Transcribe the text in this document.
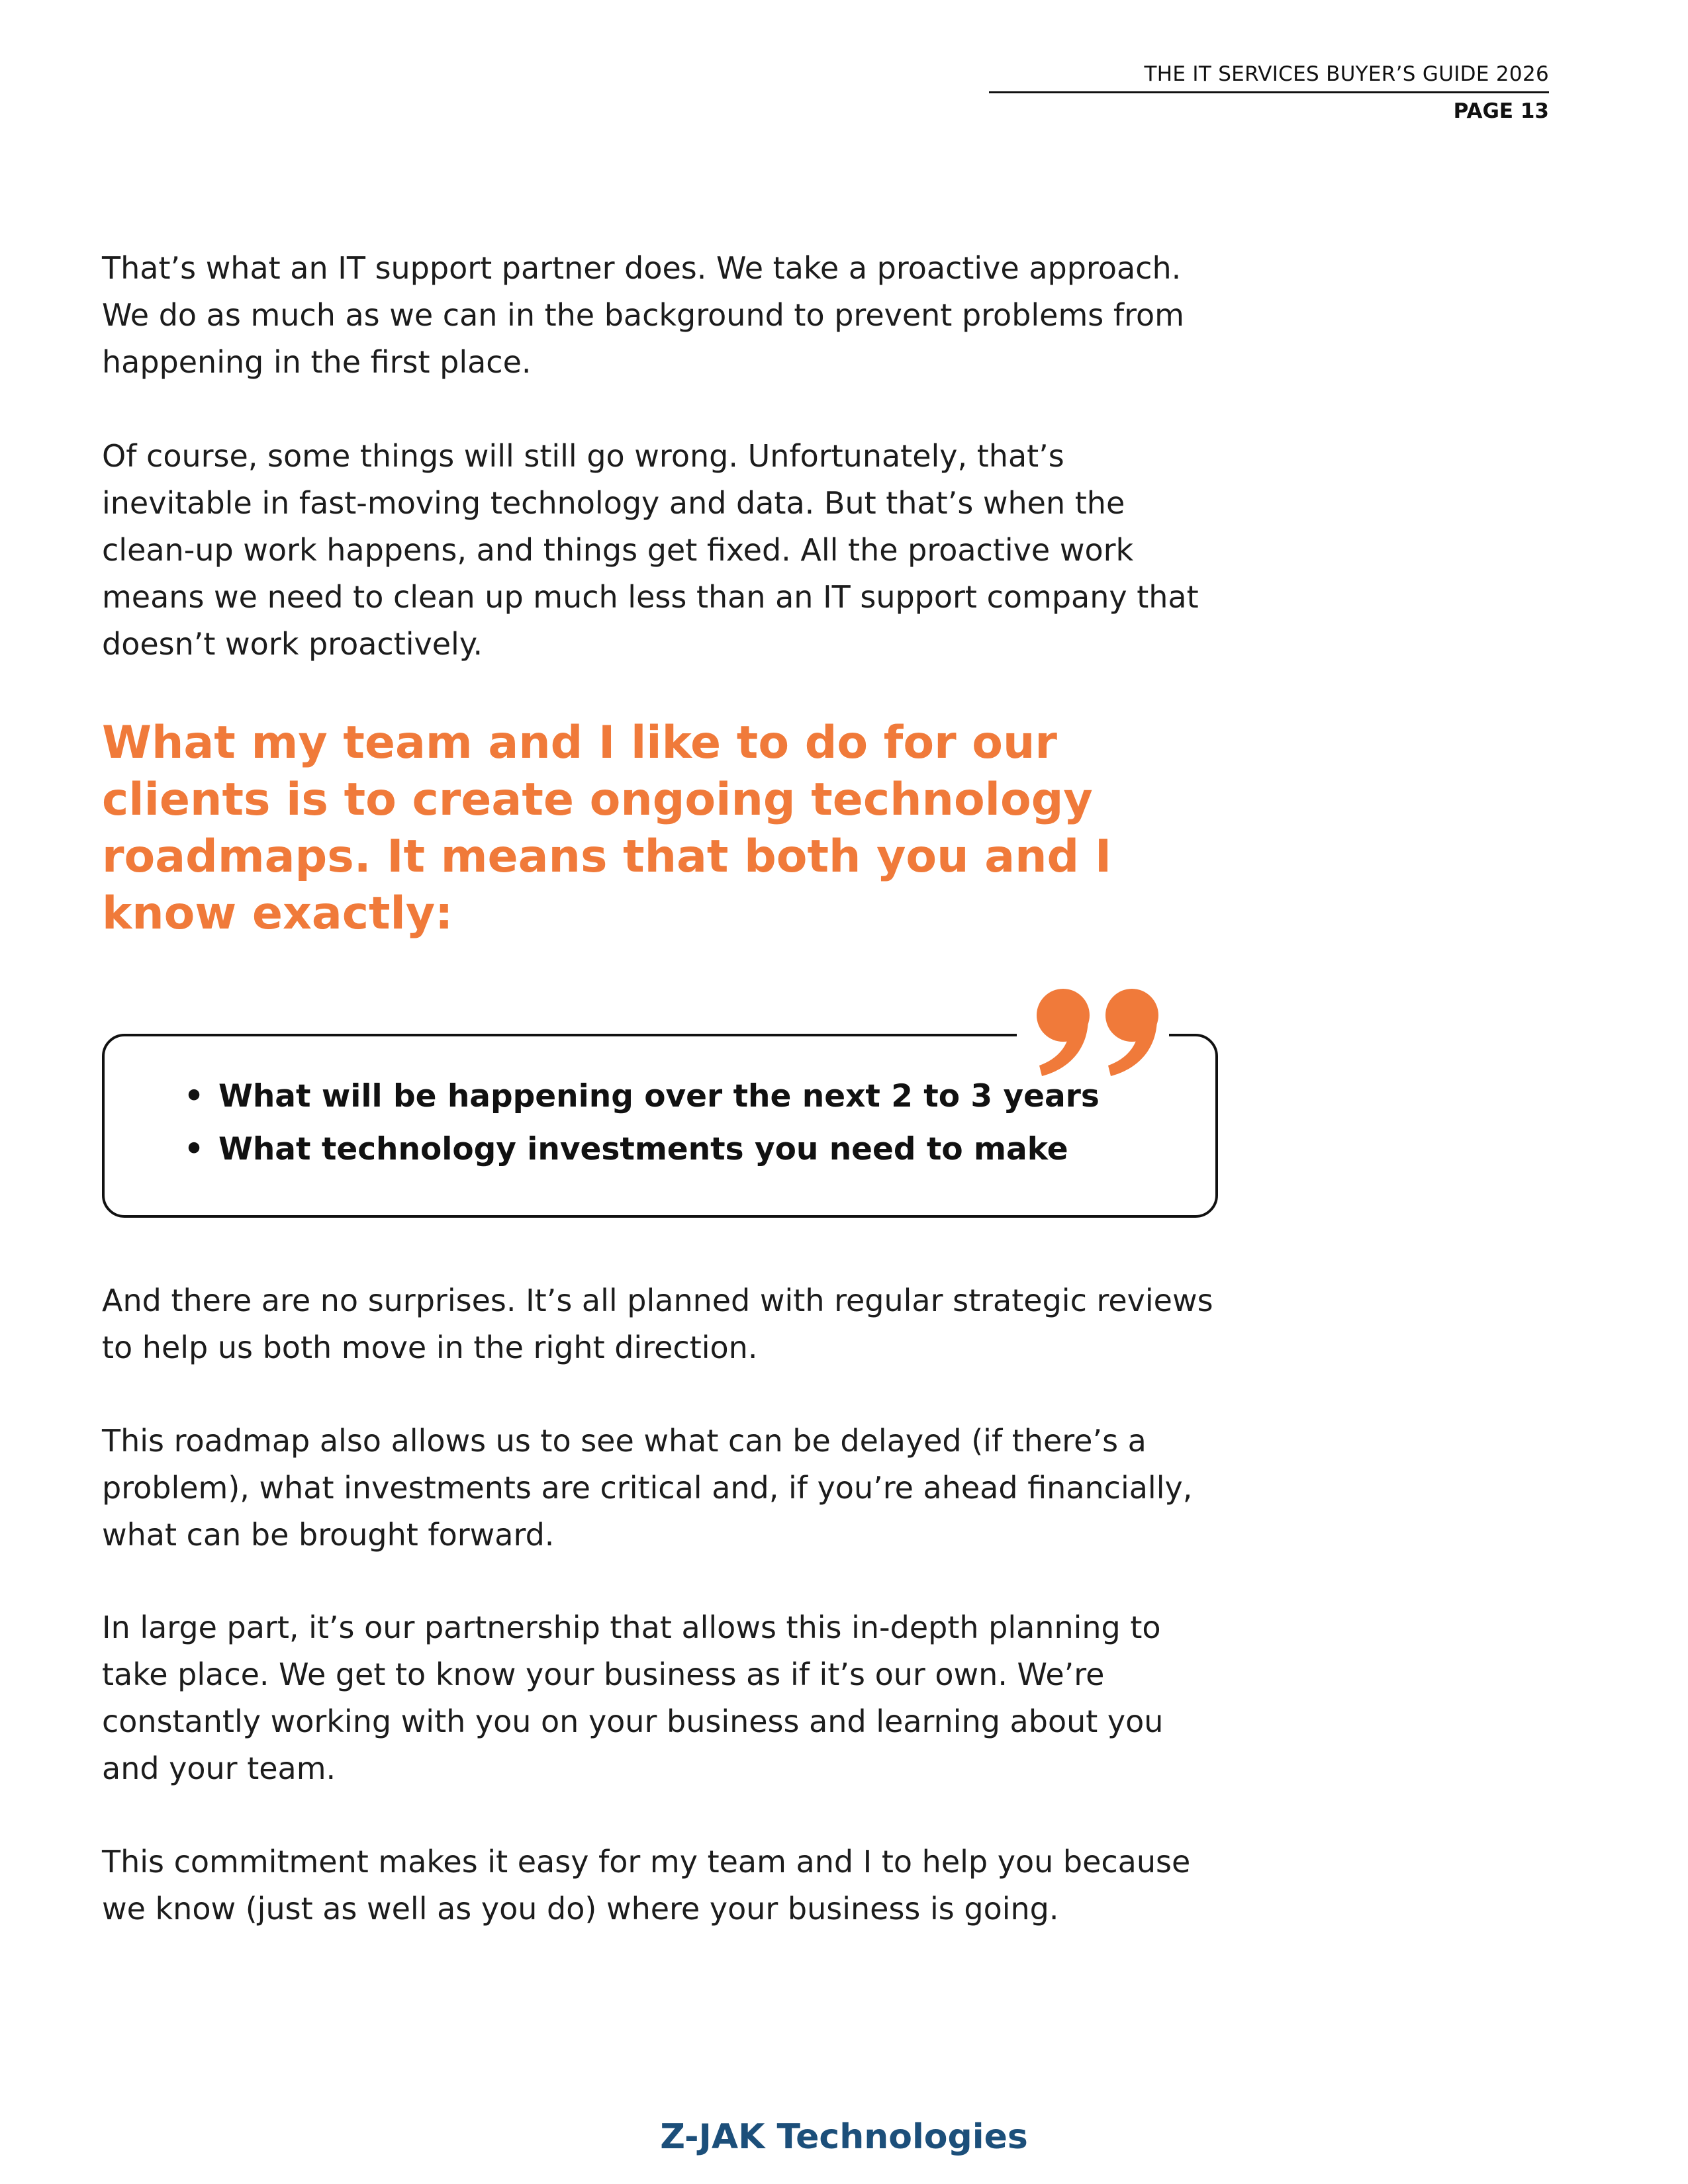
THE IT SERVICES BUYER’S GUIDE 2026
PAGE 13

That’s what an IT support partner does. We take a proactive approach. We do as much as we can in the background to prevent problems from happening in the first place.

Of course, some things will still go wrong. Unfortunately, that’s inevitable in fast-moving technology and data. But that’s when the clean-up work happens, and things get fixed. All the proactive work means we need to clean up much less than an IT support company that doesn’t work proactively.

What my team and I like to do for our clients is to create ongoing technology roadmaps. It means that both you and I know exactly:
• What will be happening over the next 2 to 3 years
• What technology investments you need to make

And there are no surprises. It’s all planned with regular strategic reviews to help us both move in the right direction.

This roadmap also allows us to see what can be delayed (if there’s a problem), what investments are critical and, if you’re ahead financially, what can be brought forward.

In large part, it’s our partnership that allows this in-depth planning to take place. We get to know your business as if it’s our own. We’re constantly working with you on your business and learning about you and your team.

This commitment makes it easy for my team and I to help you because we know (just as well as you do) where your business is going.

Z-JAK Technologies
